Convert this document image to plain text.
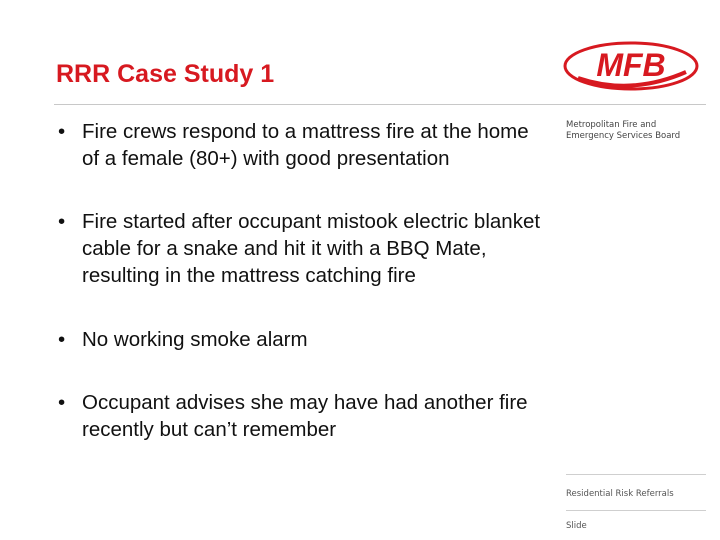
RRR Case Study 1	MFB
Metropolitan Fire and
Emergency Services Board
• Fire crews respond to a mattress fire at the home of a female (80+) with good presentation
• Fire started after occupant mistook electric blanket cable for a snake and hit it with a BBQ Mate, resulting in the mattress catching fire
• No working smoke alarm
• Occupant advises she may have had another fire recently but can’t remember
Residential Risk Referrals
Slide
